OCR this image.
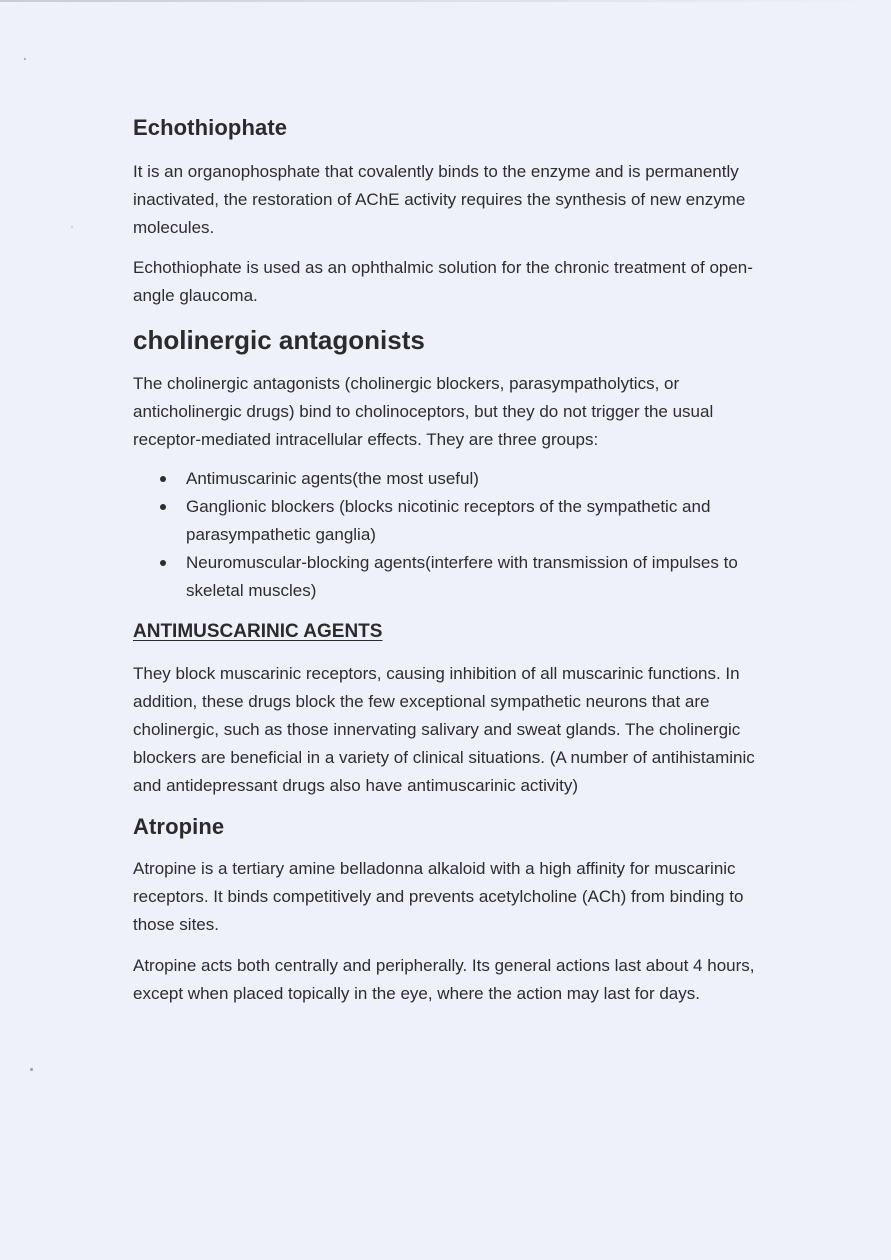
Echothiophate

It is an organophosphate that covalently binds to the enzyme and is permanently inactivated, the restoration of AChE activity requires the synthesis of new enzyme molecules.

Echothiophate is used as an ophthalmic solution for the chronic treatment of open-angle glaucoma.

cholinergic antagonists

The cholinergic antagonists (cholinergic blockers, parasympatholytics, or anticholinergic drugs) bind to cholinoceptors, but they do not trigger the usual receptor-mediated intracellular effects. They are three groups:

Antimuscarinic agents(the most useful)
Ganglionic blockers (blocks nicotinic receptors of the sympathetic and parasympathetic ganglia)
Neuromuscular-blocking agents(interfere with transmission of impulses to skeletal muscles)
ANTIMUSCARINIC AGENTS

They block muscarinic receptors, causing inhibition of all muscarinic functions. In addition, these drugs block the few exceptional sympathetic neurons that are cholinergic, such as those innervating salivary and sweat glands. The cholinergic blockers are beneficial in a variety of clinical situations. (A number of antihistaminic and antidepressant drugs also have antimuscarinic activity)

Atropine

Atropine is a tertiary amine belladonna alkaloid with a high affinity for muscarinic receptors. It binds competitively and prevents acetylcholine (ACh) from binding to those sites.

Atropine acts both centrally and peripherally. Its general actions last about 4 hours, except when placed topically in the eye, where the action may last for days.
